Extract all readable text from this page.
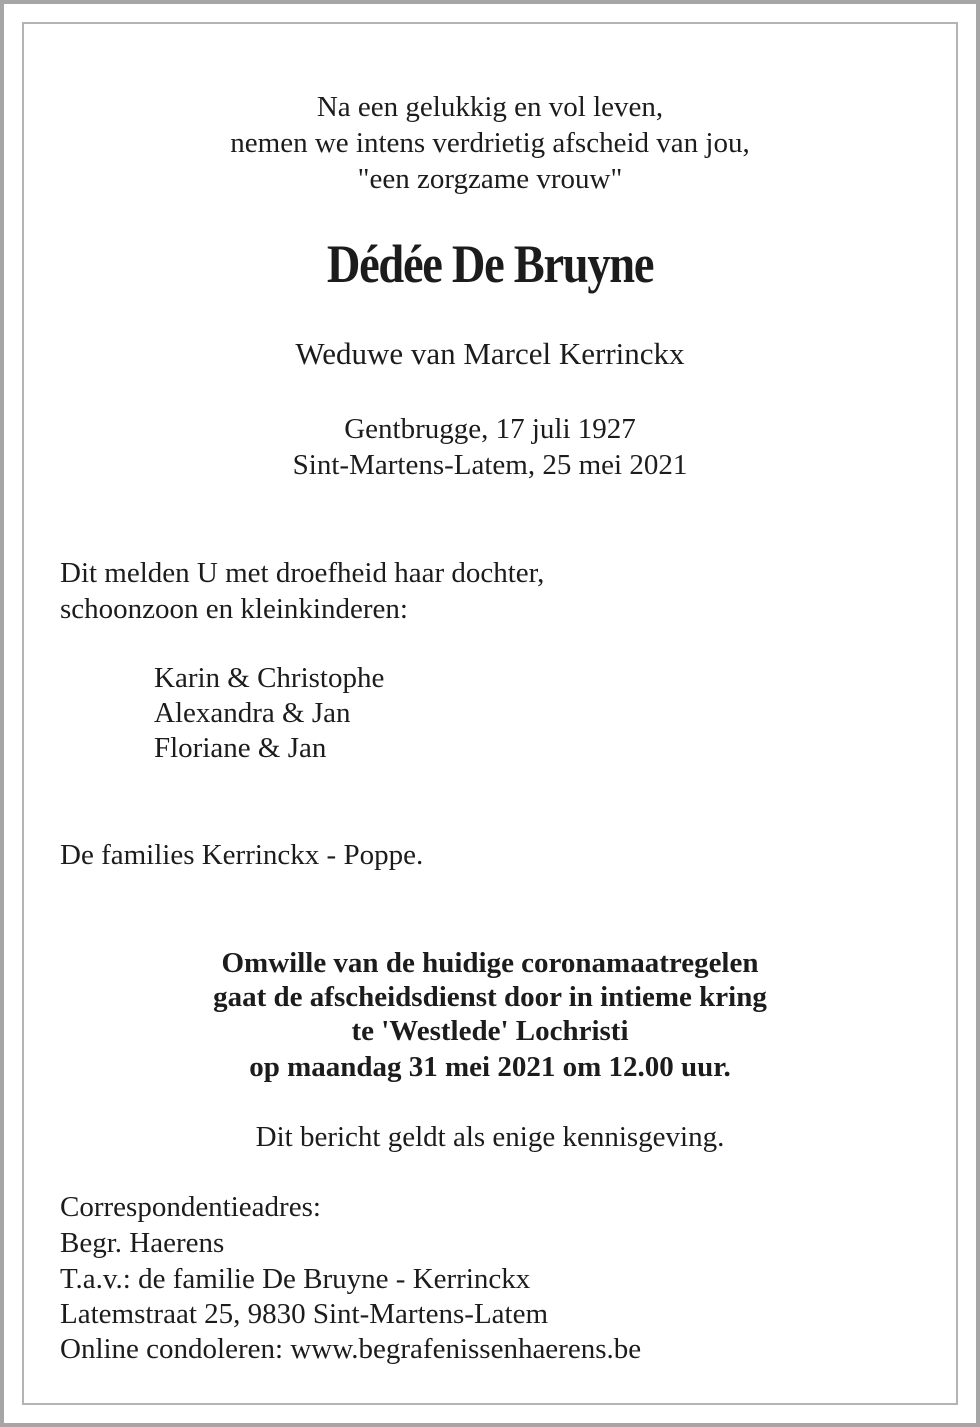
Na een gelukkig en vol leven,
nemen we intens verdrietig afscheid van jou,
"een zorgzame vrouw"
Dédée De Bruyne
Weduwe van Marcel Kerrinckx
Gentbrugge, 17 juli 1927
Sint-Martens-Latem, 25 mei 2021
Dit melden U met droefheid haar dochter,
schoonzoon en kleinkinderen:
Karin & Christophe
Alexandra & Jan
Floriane & Jan
De families Kerrinckx - Poppe.
Omwille van de huidige coronamaatregelen
gaat de afscheidsdienst door in intieme kring
te 'Westlede' Lochristi
op maandag 31 mei 2021 om 12.00 uur.
Dit bericht geldt als enige kennisgeving.
Correspondentieadres:
Begr. Haerens
T.a.v.: de familie De Bruyne - Kerrinckx
Latemstraat 25, 9830 Sint-Martens-Latem
Online condoleren: www.begrafenissenhaerens.be
